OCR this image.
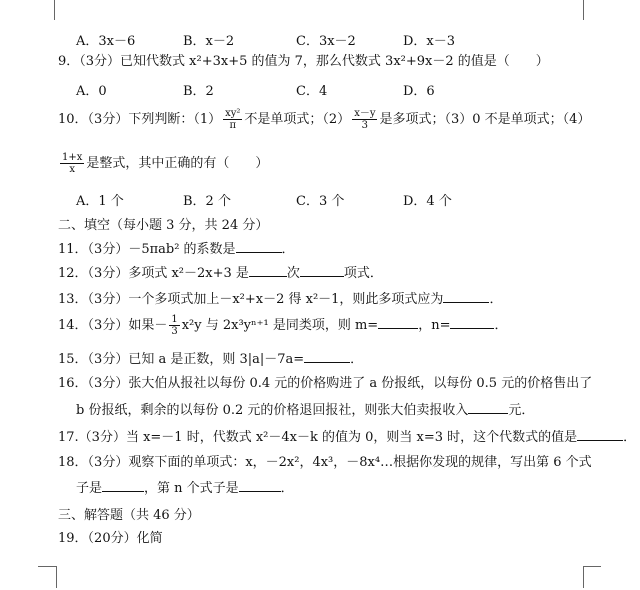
A．3x－6	B．x－2	C．3x－2	D．x－3
9．（3分）已知代数式 x²+3x+5 的值为 7，那么代数式 3x²+9x－2 的值是（　　）
A．0	B．2	C．4	D．6
10．（3分）下列判断：$(1) \frac{\text{xy²}}{\pi}$ 不是单项式；$(2) \frac{x-y}{3}$ 是多项式；（3）0 不是单项式；（4）
$\frac{1+x}{x}$ 是整式，其中正确的有（　　）
A．1 个	B．2 个	C．3 个	D．4 个
二、填空（每小题 3 分，共 24 分）
11．（3分）－5πab² 的系数是	．
12．（3分）多项式 x²－2x+3 是	次	项式．
13．（3分）一个多项式加上－x²+x－2 得 x²－1，则此多项式应为	．
14．（3分）如果－ $\frac{1}{3} x^2y$ 与 2x³yⁿ⁺¹ 是同类项，则 m=	，n=	．
15．（3分）已知 a 是正数，则 3|a|－7a=	．
16．（3分）张大伯从报社以每份 0.4 元的价格购进了 a 份报纸，以每份 0.5 元的价格售出了
b 份报纸，剩余的以每份 0.2 元的价格退回报社，则张大伯卖报收入	元．
17.（3分）当 x=－1 时，代数式 x²－4x－k 的值为 0，则当 x=3 时，这个代数式的值是	．
18．（3分）观察下面的单项式：x，－2x²，4x³，－8x⁴…根据你发现的规律，写出第 6 个式
子是	，第 n 个式子是	．
三、解答题（共 46 分）
19．（20分）化简
